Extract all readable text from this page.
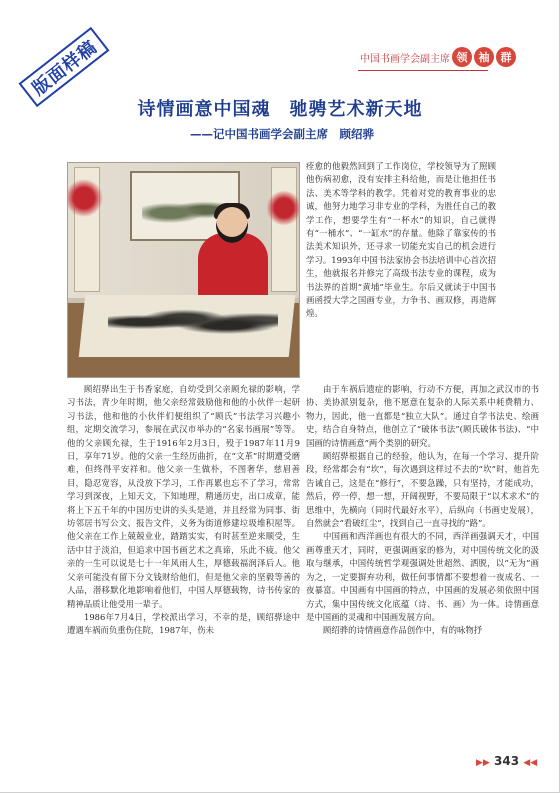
版面样稿	中国书画学会副主席 领	袖	群
诗情画意中国魂　驰骋艺术新天地
——记中国书画学会副主席　顾绍骅

痊愈的他毅然回到了工作岗位，学校领导为了照顾他伤病初愈，没有安排主科给他，而是让他担任书法、美术等学科的教学。凭着对党的教育事业的忠诚，他努力地学习非专业的学科，为胜任自己的教学工作，想要学生有“一杯水”的知识，自己就得有“一桶水”、“一缸水”的存量。他除了靠家传的书法美术知识外，还寻求一切能充实自己的机会进行学习。1993年中国书法家协会书法培训中心首次招生，他就报名并修完了高级书法专业的课程，成为书法界的首期“黄埔”毕业生。尔后又就读于中国书画函授大学之国画专业，力争书、画双修，再造辉煌。

顾绍骅出生于书香家庭，自幼受到父亲顾允禄的影响，学习书法，青少年时期，他父亲经常鼓励他和他的小伙伴一起研习书法，他和他的小伙伴们便组织了“顾氏”书法学习兴趣小组，定期交流学习，参展在武汉市举办的“名家书画展”等等。他的父亲顾允禄，生于1916年2月3日，殁于1987年11月9日，享年71岁。他的父亲一生经历曲折，在“文革”时期遭受磨难，但终得平安祥和。他父亲一生做朴，不图奢华，慈眉善目，隐忍宽容，从没放下学习，工作再累也忘不了学习，常常学习到深夜，上知天文，下知地理，精通历史，出口成章，能将上下五千年的中国历史讲的头头是道，并且经常为同事、街坊邻居书写公文、报告文件，义务为街道修建垃圾堆积屋等。他父亲在工作上兢兢业业，踏踏实实，有时甚至逆来顺受，生活中甘于淡泊，但追求中国书画艺术之真谛，乐此不疲。他父亲的一生可以说是七十一年风雨人生，厚德载福润泽后人。他父亲可能没有留下分文钱财给他们，但是他父亲的坚毅等善的人品，潜移默化地影响着他们，中国人厚德载物，诗书传家的精神品质让他受用一辈子。

1986年7月4日，学校派出学习，不幸的是，顾绍骅途中遭遇车祸而负重伤住院，1987年，伤未

由于车祸后遗症的影响，行动不方便，再加之武汉市的书协、美协派别复杂，他不愿意在复杂的人际关系中耗费精力、物力，因此，他一直都是“独立大队”。通过自学书法史、绘画史，结合自身特点，他创立了“破体书法”(顾氏破体书法)、“中国画的诗情画意”两个类别的研究。

顾绍骅根据自己的经验，他认为，在每一个学习、提升阶段，经常都会有“坎”，每次遇到这样过不去的“坎”时，他首先告诫自己，这是在“修行”，不要急躁，只有坚持，才能成功，然后，停一停，想一想，开阔视野，不要局限于“以术求术”的思维中，先横向（同时代最好水平），后纵向（书画史发展），自然就会“看破红尘”，找到自己一直寻找的“路”。

中国画和西洋画也有很大的不同，西洋画强调天才，中国画尊重天才，同时，更强调画家的修为，对中国传统文化的汲取与继承，中国传统哲学观强调处世超然、洒脱，以“无为”画为之，一定要摒弃功利，做任何事情都不要想着一夜成名、一夜暴富。中国画有中国画的特点，中国画的发展必须依照中国方式，集中国传统文化底蕴（诗、书、画）为一体。诗情画意是中国画的灵魂和中国画发展方向。

顾绍骅的诗情画意作品创作中，有的咏物抒

▶▶ 343 ◀◀
